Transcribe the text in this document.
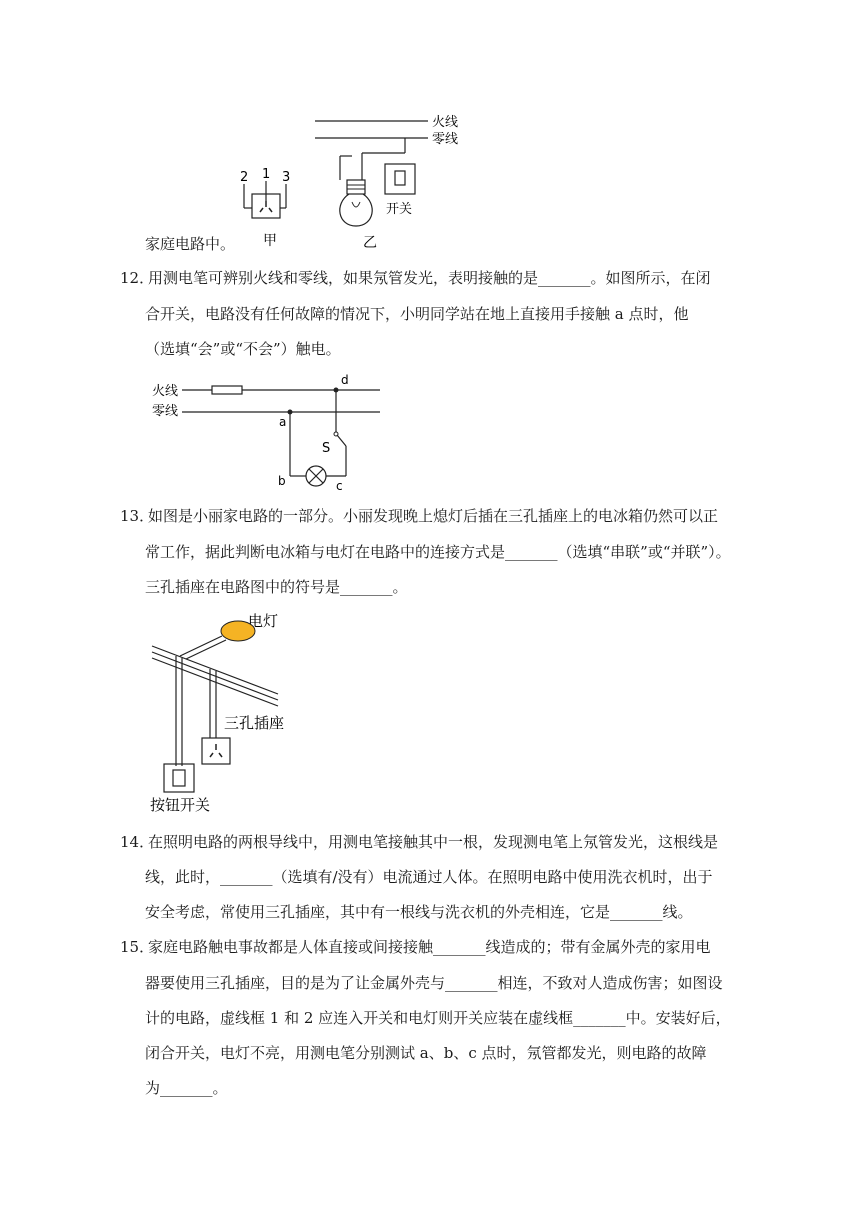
火线
零线
2 1 3
甲
开关
乙
家庭电路中。
12．
用测电笔可辨别火线和零线，如果氖管发光，表明接触的是_______。如图所示，在闭
合开关，电路没有任何故障的情况下，小明同学站在地上直接用手接触 a 点时，他
（选填“会”或“不会”）触电。
火线
零线
d
a
S
b	c
13．
如图是小丽家电路的一部分。小丽发现晚上熄灯后插在三孔插座上的电冰箱仍然可以正
常工作，据此判断电冰箱与电灯在电路中的连接方式是_______（选填“串联”或“并联”）。
三孔插座在电路图中的符号是_______。
电灯
按钮开关
三孔插座
14．
在照明电路的两根导线中，用测电笔接触其中一根，发现测电笔上氖管发光，这根线是
线，此时，_______（选填有/没有）电流通过人体。在照明电路中使用洗衣机时，出于
安全考虑，常使用三孔插座，其中有一根线与洗衣机的外壳相连，它是_______线。
15．
家庭电路触电事故都是人体直接或间接接触_______线造成的；带有金属外壳的家用电
器要使用三孔插座，目的是为了让金属外壳与_______相连，不致对人造成伤害；如图设
计的电路，虚线框 1 和 2 应连入开关和电灯则开关应装在虚线框_______中。安装好后，
闭合开关，电灯不亮，用测电笔分别测试 a、b、c 点时，氖管都发光，则电路的故障
为_______。
